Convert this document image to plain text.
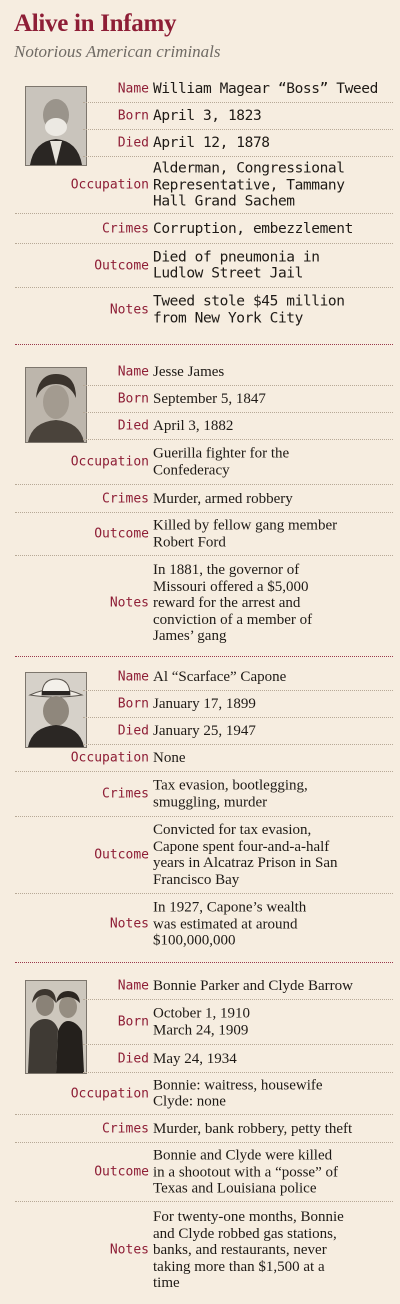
Alive in Infamy
Notorious American criminals
Name William Magear “Boss” Tweed
Born April 3, 1823
Died April 12, 1878
Occupation
Alderman, Congressional
Representative, Tammany
Hall Grand Sachem
Crimes Corruption, embezzlement
Outcome
Died of pneumonia in
Ludlow Street Jail
Notes
Tweed stole $45 million
from New York City
Name Jesse James
Born September 5, 1847
Died April 3, 1882
Occupation
Guerilla fighter for the
Confederacy
Crimes Murder, armed robbery
Outcome
Killed by fellow gang member
Robert Ford
Notes
In 1881, the governor of
Missouri offered a $5,000
reward for the arrest and
conviction of a member of
James’ gang
Name Al “Scarface” Capone
Born January 17, 1899
Died January 25, 1947
Occupation None
Crimes
Tax evasion, bootlegging,
smuggling, murder
Outcome
Convicted for tax evasion,
Capone spent four-and-a-half
years in Alcatraz Prison in San
Francisco Bay
Notes
In 1927, Capone’s wealth
was estimated at around
$100,000,000
Name Bonnie Parker and Clyde Barrow
Born
October 1, 1910
March 24, 1909
Died May 24, 1934
Occupation
Bonnie: waitress, housewife
Clyde: none
Crimes Murder, bank robbery, petty theft
Outcome
Bonnie and Clyde were killed
in a shootout with a “posse” of
Texas and Louisiana police
Notes
For twenty-one months, Bonnie
and Clyde robbed gas stations,
banks, and restaurants, never
taking more than $1,500 at a
time
